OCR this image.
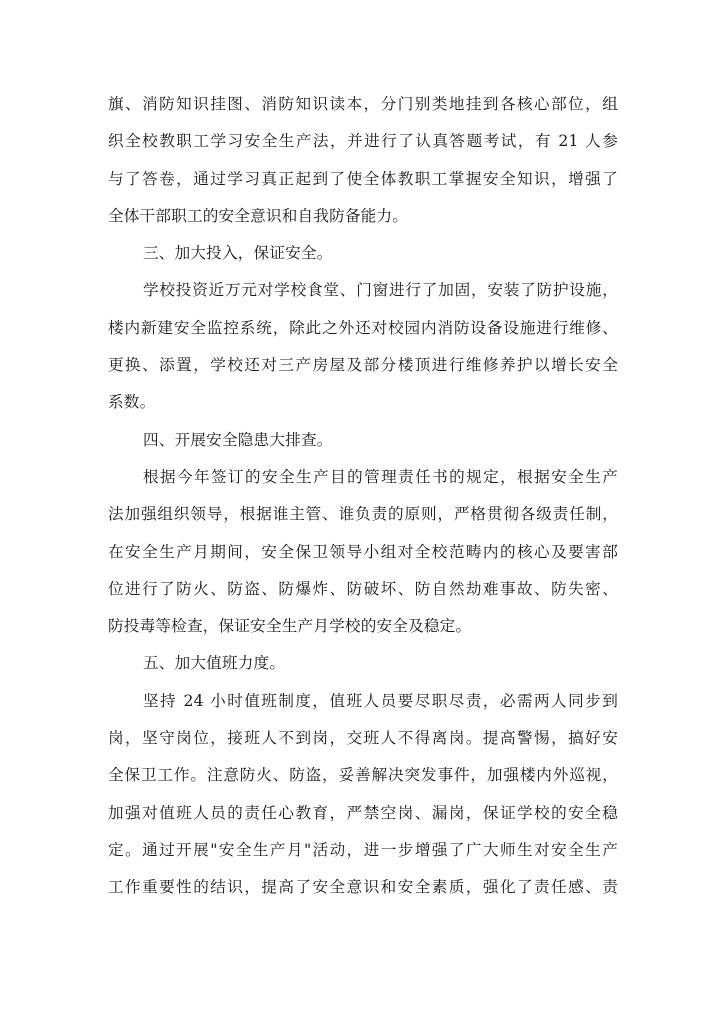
旗、消防知识挂图、消防知识读本，分门别类地挂到各核心部位，组
织全校教职工学习安全生产法，并进行了认真答题考试，有 21 人参
与了答卷，通过学习真正起到了使全体教职工掌握安全知识，增强了
全体干部职工的安全意识和自我防备能力。
三、加大投入，保证安全。
学校投资近万元对学校食堂、门窗进行了加固，安装了防护设施，
楼内新建安全监控系统，除此之外还对校园内消防设备设施进行维修、
更换、添置，学校还对三产房屋及部分楼顶进行维修养护以增长安全
系数。
四、开展安全隐患大排查。
根据今年签订的安全生产目的管理责任书的规定，根据安全生产
法加强组织领导，根据谁主管、谁负责的原则，严格贯彻各级责任制，
在安全生产月期间，安全保卫领导小组对全校范畴内的核心及要害部
位进行了防火、防盗、防爆炸、防破坏、防自然劫难事故、防失密、
防投毒等检查，保证安全生产月学校的安全及稳定。
五、加大值班力度。
坚持 24 小时值班制度，值班人员要尽职尽责，必需两人同步到
岗，坚守岗位，接班人不到岗，交班人不得离岗。提高警惕，搞好安
全保卫工作。注意防火、防盗，妥善解决突发事件，加强楼内外巡视，
加强对值班人员的责任心教育，严禁空岗、漏岗，保证学校的安全稳
定。通过开展"安全生产月"活动，进一步增强了广大师生对安全生产
工作重要性的结识，提高了安全意识和安全素质，强化了责任感、责
